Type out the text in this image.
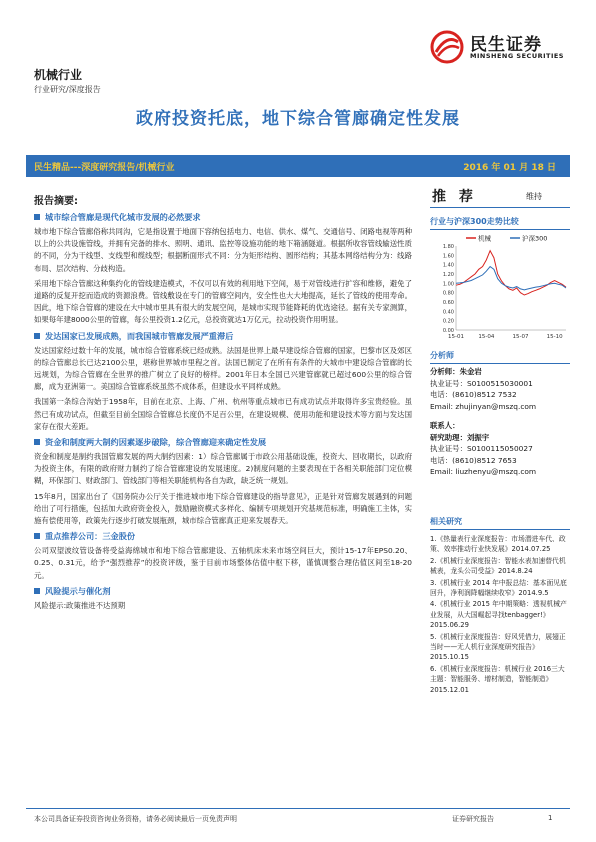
民生证券
MINSHENG SECURITIES
机械行业
行业研究/深度报告
政府投资托底，地下综合管廊确定性发展
民生精品---深度研究报告/机械行业	2016 年 01 月 18 日
报告摘要:
城市综合管廊是现代化城市发展的必然要求
城市地下综合管廊俗称共同沟，它是指设置于地面下容纳包括电力、电信、供水、煤气、交通信号、闭路电视等两种以上的公共设施管线，并拥有完备的排水、照明、通讯、监控等设施功能的地下箱涵隧道。根据所收容管线输送性质的不同，分为干线型、支线型和缆线型；根据断面形式不同：分为矩形结构、圆形结构；其基本网络结构分为：线路布局、层次结构、分歧构造。
采用地下综合管廊这种集约化的管线建造模式，不仅可以有效的利用地下空间，易于对管线进行扩容和维修，避免了道路的反复开挖而造成的资源浪费。管线敷设在专门的管廊空间内，安全性也大大地提高，延长了管线的使用寿命。因此，地下综合管廊的建设在大中城市里具有很大的发展空间，是城市实现节能降耗的优选途径。据有关专家测算，如果每年建8000公里的管廊，每公里投资1.2亿元，总投资就达1万亿元，拉动投资作用明显。
发达国家已发展成熟，而我国城市管廊发展严重滞后
发达国家经过数十年的发展，城市综合管廊系统已经成熟。法国是世界上最早建设综合管廊的国家，巴黎市区及郊区的综合管廊总长已达2100公里，堪称世界城市里程之首。法国已制定了在所有有条件的大城市中建设综合管廊的长远规划，为综合管廊在全世界的推广树立了良好的榜样。2001年日本全国已兴建管廊就已超过600公里的综合管廊，成为亚洲第一。美国综合管廊系统虽然不成体系，但建设水平同样成熟。
我国第一条综合沟始于1958年，目前在北京、上海、广州、杭州等重点城市已有成功试点并取得许多宝贵经验。虽然已有成功试点，但截至目前全国综合管廊总长度仍不足百公里，在建设规模、使用功能和建设技术等方面与发达国家存在很大差距。
资金和制度两大制约因素逐步破除，综合管廊迎来确定性发展
资金和制度是制约我国管廊发展的两大制约因素：1）综合管廊属于市政公用基础设施，投资大、回收期长，以政府为投资主体，有限的政府财力制约了综合管廊建设的发展速度。2)制度问题的主要表现在于各相关职能部门定位模糊，环保部门、财政部门、管线部门等相关职能机构各自为政，缺乏统一规划。
15年8月，国家出台了《国务院办公厅关于推进城市地下综合管廊建设的指导意见》，正是针对管廊发展遇到的问题给出了可行措施，包括加大政府资金投入，鼓励融资模式多样化、编制专项规划开究基规范标准，明确施工主体，实施有偿使用等，政策先行逐步打破发展瓶颈，城市综合管廊真正迎来发展春天。
重点推荐公司：三金股份
公司双望波纹管设备将受益海绵城市和地下综合管廊建设、五轴机床未来市场空间巨大，预计15-17年EPS0.20、0.25、0.31元，给予“强烈推荐”的投资评级，鉴于目前市场整体估值中枢下移，谨慎调整合理估值区间至18-20元。
风险提示与催化剂
风险提示:政策推进不达预期
推 荐	维持
行业与沪深300走势比较
机械	沪深300
0.00
0.20
0.40
0.60
0.80
1.00
1.20
1.40
1.60
1.80
15-01	15-04	15-07	15-10
分析师
分析师：朱金岩
执业证号：S0100515030001
电话：(8610)8512 7532
Email: zhujinyan@mszq.com
联系人：
研究助理：刘振宇
执业证号：S0100115050027
电话：(8610)8512 7653
Email: liuzhenyu@mszq.com
相关研究
1.《热量表行业深度报告：市场潜进车代、政策、效率推动行业快发展》2014.07.25
2.《机械行业深度报告：智能水表加速替代机械表，龙头公司受益》2014.8.24
3.《机械行业 2014 年中报总结：基本面见底回升，净利润降幅继续收窄》2014.9.5
4.《机械行业 2015 年中期策略：透视机械产业发展，从大国崛起寻找tenbagger!》2015.06.29
5.《机械行业深度报告：好风凭借力，展翅正当时——无人机行业深度研究报告》2015.10.15
6.《机械行业深度报告：机械行业 2016三大主题：智能服务、增材制造，智能制造》2015.12.01
本公司具备证券投资咨询业务资格，请务必阅读最后一页免责声明	证券研究报告	1
